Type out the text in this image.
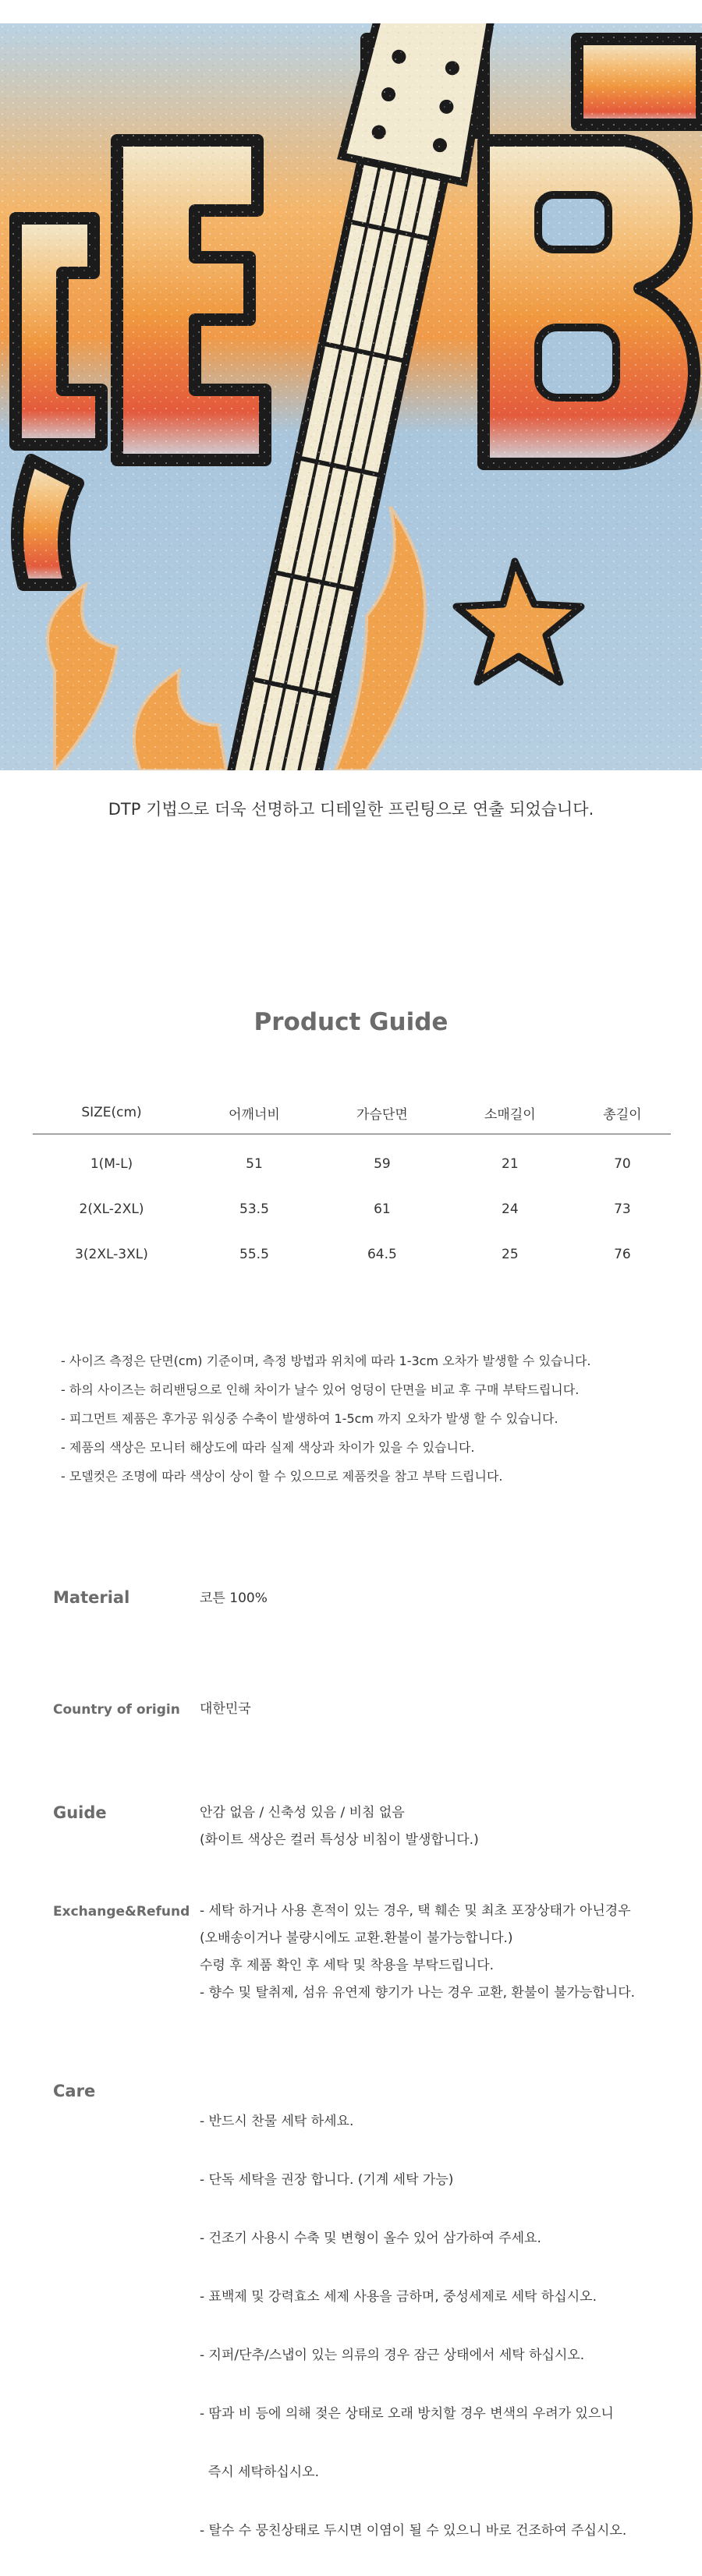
DTP 기법으로 더욱 선명하고 디테일한 프린팅으로 연출 되었습니다.
Product Guide
SIZE(cm)	어깨너비	가슴단면	소매길이	총길이
1(M-L)	51	59	21	70
2(XL-2XL)	53.5	61	24	73
3(2XL-3XL)	55.5	64.5	25	76
- 사이즈 측정은 단면(cm) 기준이며, 측정 방법과 위치에 따라 1-3cm 오차가 발생할 수 있습니다.
- 하의 사이즈는 허리밴딩으로 인해 차이가 날수 있어 엉덩이 단면을 비교 후 구매 부탁드립니다.
- 피그먼트 제품은 후가공 워싱중 수축이 발생하여 1-5cm 까지 오차가 발생 할 수 있습니다.
- 제품의 색상은 모니터 해상도에 따라 실제 색상과 차이가 있을 수 있습니다.
- 모델컷은 조명에 따라 색상이 상이 할 수 있으므로 제품컷을 참고 부탁 드립니다.
Material	코튼 100%
Country of origin 대한민국
Guide	안감 없음 / 신축성 있음 / 비침 없음
(화이트 색상은 컬러 특성상 비침이 발생합니다.)
Exchange&Refund - 세탁 하거나 사용 흔적이 있는 경우, 택 훼손 및 최초 포장상태가 아닌경우
(오배송이거나 불량시에도 교환.환불이 불가능합니다.)
수령 후 제품 확인 후 세탁 및 착용을 부탁드립니다.
- 향수 및 탈취제, 섬유 유연제 향기가 나는 경우 교환, 환불이 불가능합니다.
Care

- 반드시 찬물 세탁 하세요.

- 단독 세탁을 권장 합니다. (기계 세탁 가능)

- 건조기 사용시 수축 및 변형이 올수 있어 삼가하여 주세요.

- 표백제 및 강력효소 세제 사용을 금하며, 중성세제로 세탁 하십시오.

- 지퍼/단추/스냅이 있는 의류의 경우 잠근 상태에서 세탁 하십시오.

- 땀과 비 등에 의해 젖은 상태로 오래 방치할 경우 변색의 우려가 있으니

즉시 세탁하십시오.

- 탈수 수 뭉친상태로 두시면 이염이 될 수 있으니 바로 건조하여 주십시오.
